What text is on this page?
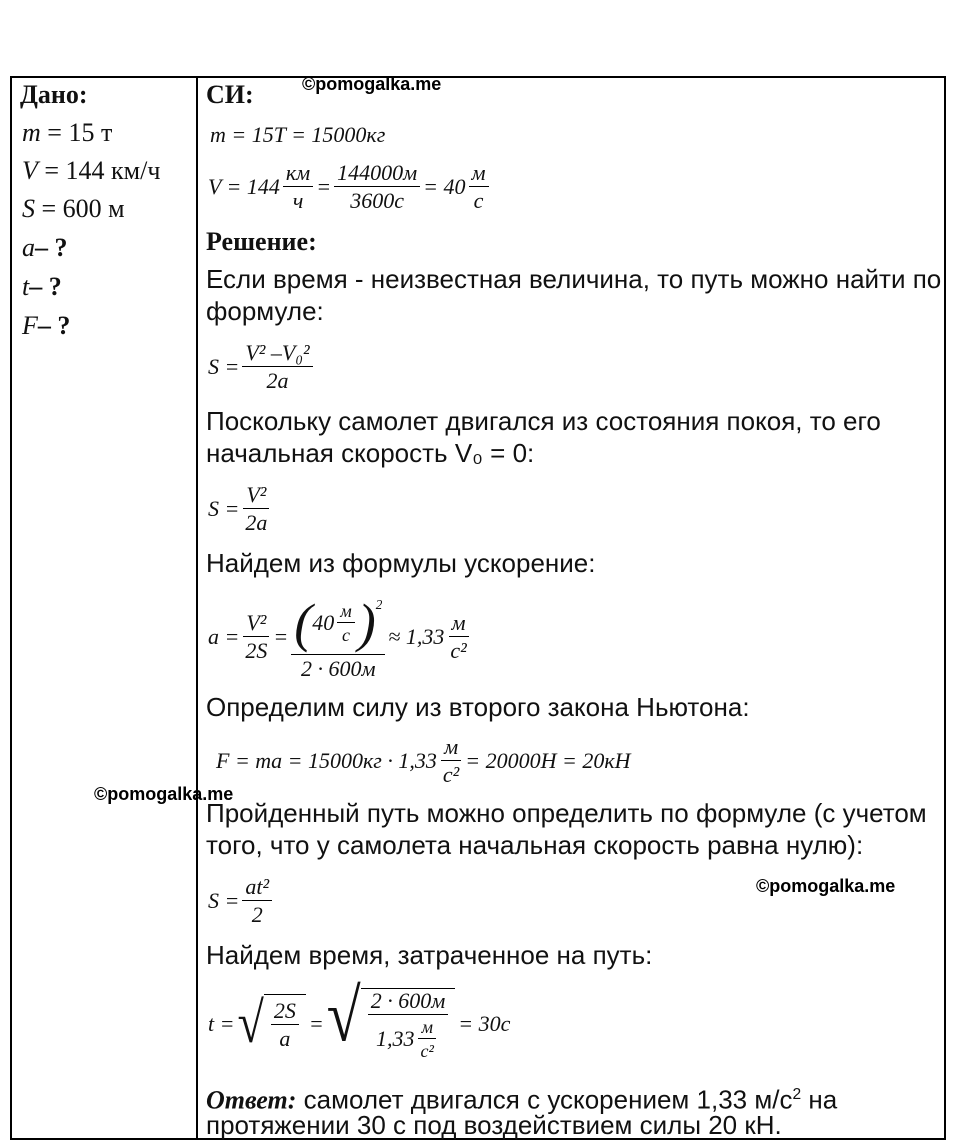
©pomogalka.me
©pomogalka.me
©pomogalka.me
Дано:
m = 15 т
V = 144 км/ч
S = 600 м
a– ?
t– ?
F– ?
СИ:
m = 15T = 15000кг
$V = 144 \frac{км}{ч} = \frac{144000м}{3600с} = 40 \frac{м}{с}$
Решение:
Если время - неизвестная величина, то путь можно найти по
формуле:
$S = \frac{\text{V² –V₀²}}{2a}$
Поскольку самолет двигался из состояния покоя, то его
начальная скорость V₀ = 0:
$S = \frac{\text{V²}}{2a}$
Найдем из формулы ускорение:
$a = \frac{\text{V²}}{2S} = \frac{( 40 \frac{м}{с} )^2}{2 \cdot 600м} \approx 1,33 \frac{м}{\text{с²}}$
Определим силу из второго закона Ньютона:
F = ma = $15000кг \cdot 1,33 \frac{м}{\text{с²}} = 20000H = 20кH$
Пройденный путь можно определить по формуле (с учетом
того, что у самолета начальная скорость равна нулю):
$S = \frac{\text{at²}}{2}$
Найдем время, затраченное на путь:
t = √ $\frac{2S}{a}$ = √ $\frac{2 \cdot 600м}{1,33 \frac{м}{\text{с²}}} = 30с$
Ответ: самолет двигался с ускорением 1,33 $м/с^2$ на
протяжении 30 с под воздействием силы 20 кН.
